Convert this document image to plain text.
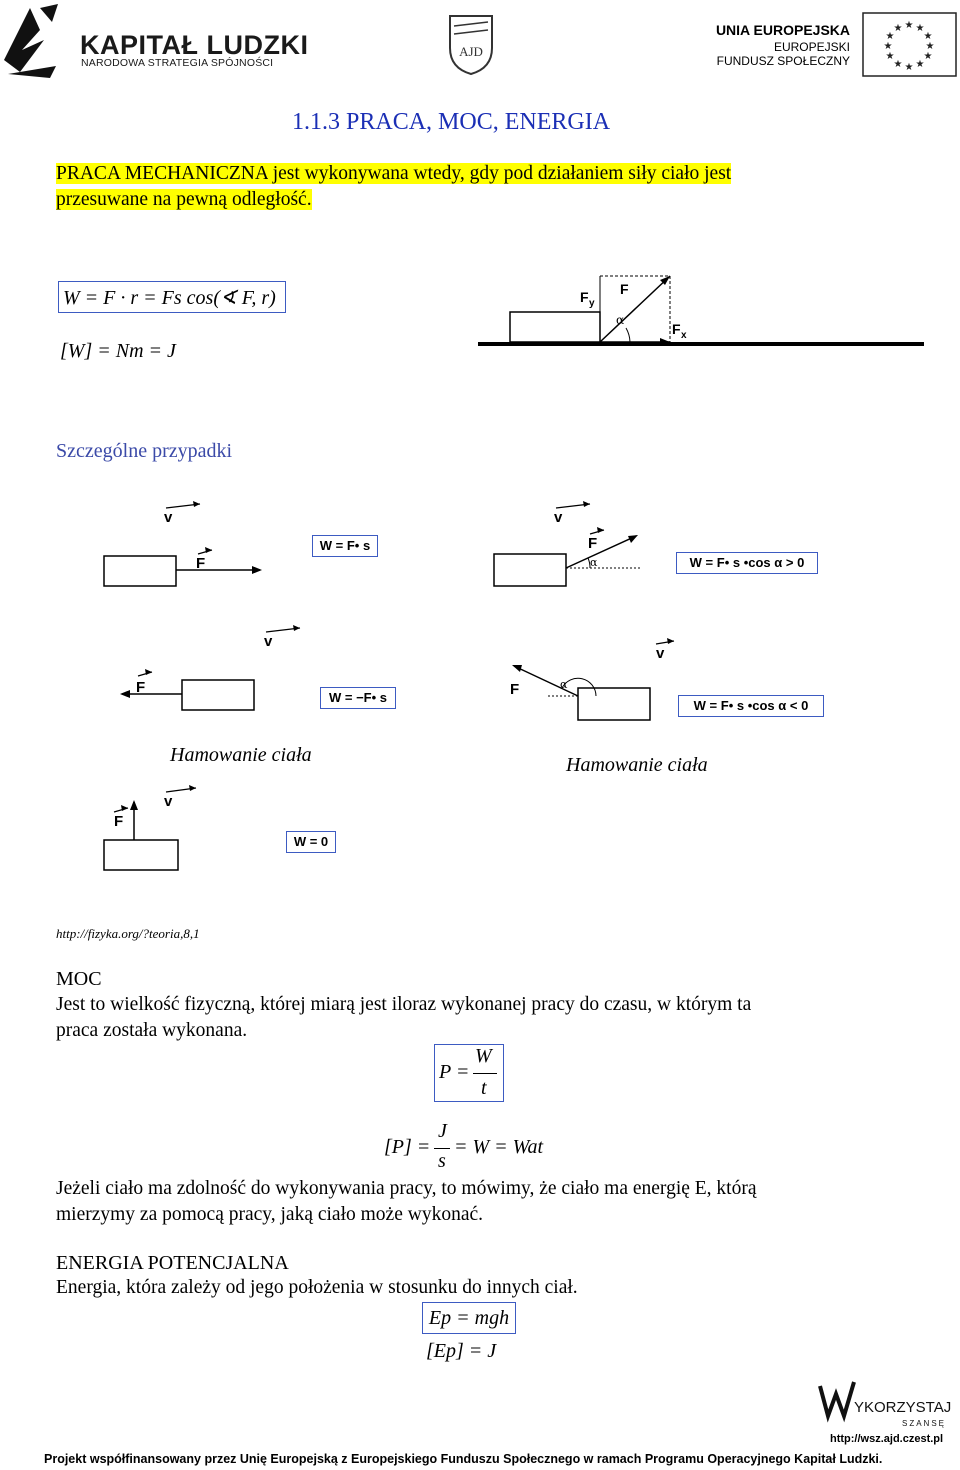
KAPITAŁ LUDZKI
NARODOWA STRATEGIA SPÓJNOŚCI
AJD
UNIA EUROPEJSKA
EUROPEJSKI
FUNDUSZ SPOŁECZNY
★ ★
★
★
★
★
★
★
★
★
★
★
1.1.3 PRACA, MOC, ENERGIA
PRACA MECHANICZNA jest wykonywana wtedy, gdy pod działaniem siły ciało jest
przesuwane na pewną odległość.
W = F · r = Fs cos(∢ F, r)
[W] = Nm = J
α
F
F y
F x
Szczególne przypadki
v
F
W = F• s
v
F
α	W = F• s •cos α > 0
v
F
W = −F• s
v
F	α
W = F• s •cos α < 0
Hamowanie ciała	Hamowanie ciała
v
F
W = 0
http://fizyka.org/?teoria,8,1
MOC
Jest to wielkość fizyczną, której miarą jest iloraz wykonanej pracy do czasu, w którym ta
praca została wykonana.
P =
W
t
[P] =
J
s
= W = Wat
Jeżeli ciało ma zdolność do wykonywania pracy, to mówimy, że ciało ma energię E, którą
mierzymy za pomocą pracy, jaką ciało może wykonać.
ENERGIA POTENCJALNA
Energia, która zależy od jego położenia w stosunku do innych ciał.
Ep = mgh
[Ep] = J
YKORZYSTAJ
SZANSĘ
http://wsz.ajd.czest.pl
Projekt współfinansowany przez Unię Europejską z Europejskiego Funduszu Społecznego w ramach Programu Operacyjnego Kapitał Ludzki.
